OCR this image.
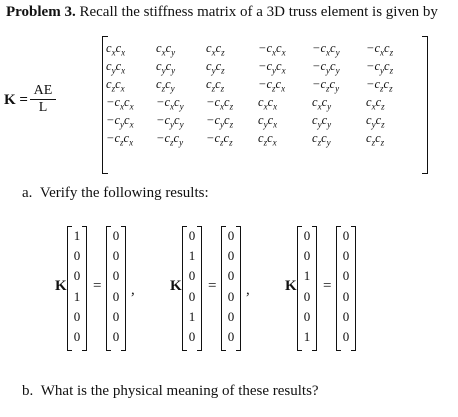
Problem 3. Recall the stiffness matrix of a 3D truss element is given by
$K = \frac{AE}{L}$
$c_xc_x$	$c_xc_y$	$c_xc_z$	$-c_xc_x$	$-c_xc_y$	$-c_xc_z$
$c_yc_x$	$c_yc_y$	$c_yc_z$	$-c_yc_x$	$-c_yc_y$	$-c_yc_z$
$c_zc_x$	$c_zc_y$	$c_zc_z$	$-c_zc_x$	$-c_zc_y$	$-c_zc_z$
$-c_xc_x$	$-c_xc_y$	$-c_xc_z$	$c_xc_x$	$c_xc_y$	$c_xc_z$
$-c_yc_x$	$-c_yc_y$	$-c_yc_z$	$c_yc_x$	$c_yc_y$	$c_yc_z$
$-c_zc_x$	$-c_zc_y$	$-c_zc_z$	$c_zc_x$	$c_zc_y$	$c_zc_z$
a. Verify the following results:
K
1
0
0
1
0
0
=
0
0
0
0
0
0
, K
0
1
0
0
1
0
=
0
0
0
0
0
0
, K
0
0
1
0
0
1
=
0
0
0
0
0
0
b. What is the physical meaning of these results?
